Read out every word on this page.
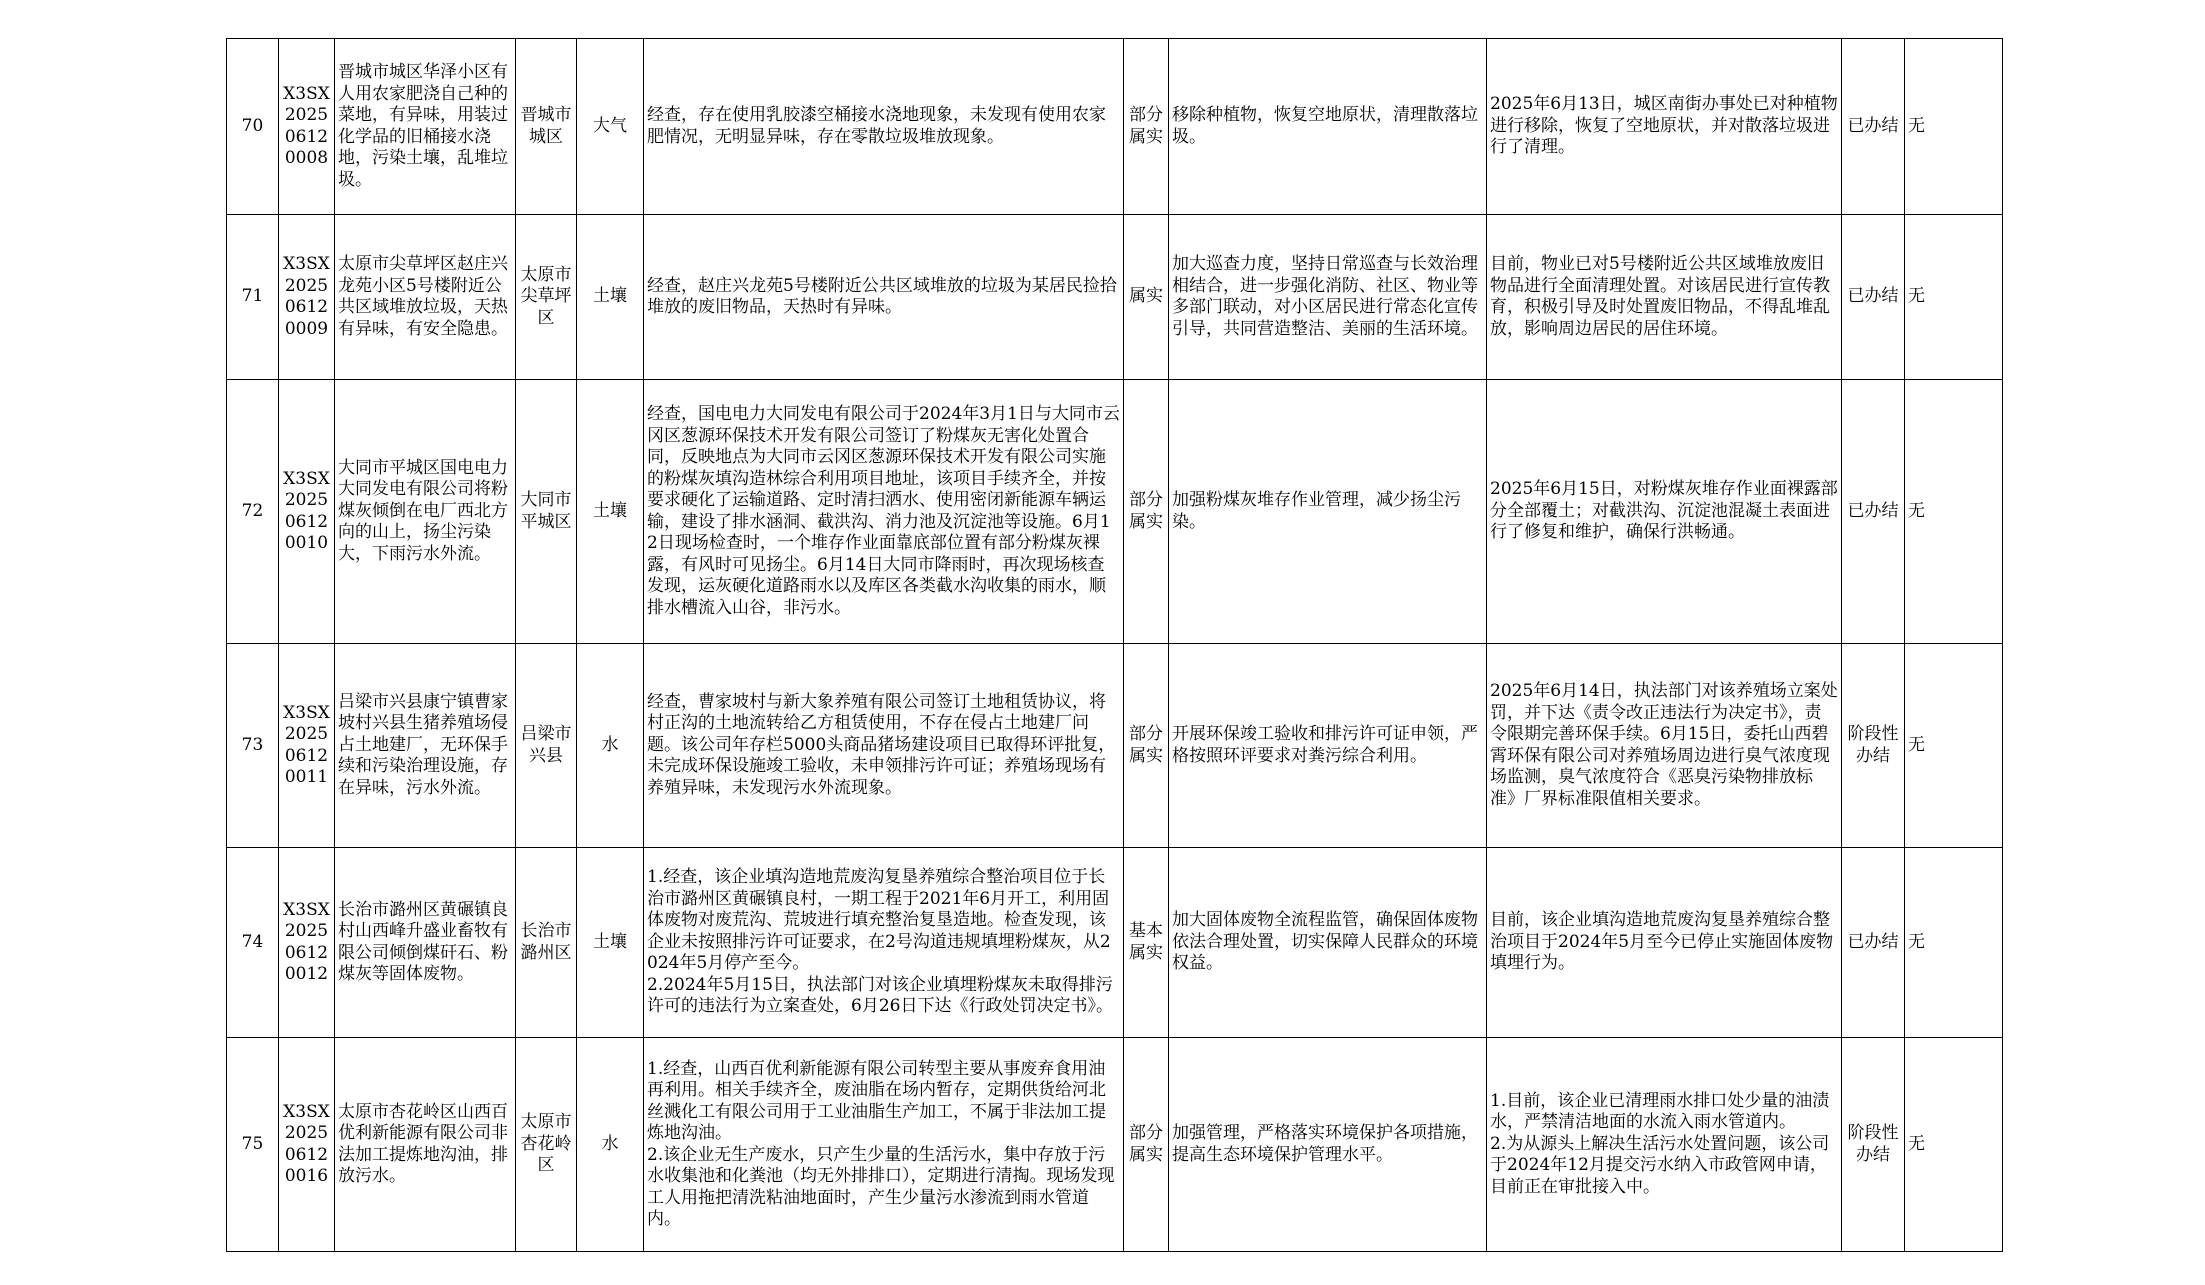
70	X3SX202506120008	晋城市城区华泽小区有人用农家肥浇自己种的菜地，有异味，用装过化学品的旧桶接水浇地，污染土壤，乱堆垃圾。	晋城市城区	大气	经查，存在使用乳胶漆空桶接水浇地现象，未发现有使用农家肥情况，无明显异味，存在零散垃圾堆放现象。	部分属实	移除种植物，恢复空地原状，清理散落垃圾。	2025年6月13日，城区南街办事处已对种植物进行移除，恢复了空地原状，并对散落垃圾进行了清理。	已办结	无
71	X3SX202506120009	太原市尖草坪区赵庄兴龙苑小区5号楼附近公共区域堆放垃圾，天热有异味，有安全隐患。	太原市尖草坪区	土壤	经查，赵庄兴龙苑5号楼附近公共区域堆放的垃圾为某居民捡拾堆放的废旧物品，天热时有异味。	属实	加大巡查力度，坚持日常巡查与长效治理相结合，进一步强化消防、社区、物业等多部门联动，对小区居民进行常态化宣传引导，共同营造整洁、美丽的生活环境。	目前，物业已对5号楼附近公共区域堆放废旧物品进行全面清理处置。对该居民进行宣传教育，积极引导及时处置废旧物品，不得乱堆乱放，影响周边居民的居住环境。	已办结	无
72	X3SX202506120010	大同市平城区国电电力大同发电有限公司将粉煤灰倾倒在电厂西北方向的山上，扬尘污染大，下雨污水外流。	大同市平城区	土壤	经查，国电电力大同发电有限公司于2024年3月1日与大同市云冈区葱源环保技术开发有限公司签订了粉煤灰无害化处置合同，反映地点为大同市云冈区葱源环保技术开发有限公司实施的粉煤灰填沟造林综合利用项目地址，该项目手续齐全，并按要求硬化了运输道路、定时清扫洒水、使用密闭新能源车辆运输，建设了排水涵洞、截洪沟、消力池及沉淀池等设施。6月12日现场检查时，一个堆存作业面靠底部位置有部分粉煤灰裸露，有风时可见扬尘。6月14日大同市降雨时，再次现场核查发现，运灰硬化道路雨水以及库区各类截水沟收集的雨水，顺排水槽流入山谷，非污水。	部分属实	加强粉煤灰堆存作业管理，减少扬尘污染。	2025年6月15日，对粉煤灰堆存作业面裸露部分全部覆土；对截洪沟、沉淀池混凝土表面进行了修复和维护，确保行洪畅通。	已办结	无
73	X3SX202506120011	吕梁市兴县康宁镇曹家坡村兴县生猪养殖场侵占土地建厂，无环保手续和污染治理设施，存在异味，污水外流。	吕梁市兴县	水	经查，曹家坡村与新大象养殖有限公司签订土地租赁协议，将村正沟的土地流转给乙方租赁使用，不存在侵占土地建厂问题。该公司年存栏5000头商品猪场建设项目已取得环评批复，未完成环保设施竣工验收，未申领排污许可证；养殖场现场有养殖异味，未发现污水外流现象。	部分属实	开展环保竣工验收和排污许可证申领，严格按照环评要求对粪污综合利用。	2025年6月14日，执法部门对该养殖场立案处罚，并下达《责令改正违法行为决定书》，责令限期完善环保手续。6月15日，委托山西碧霄环保有限公司对养殖场周边进行臭气浓度现场监测，臭气浓度符合《恶臭污染物排放标准》厂界标准限值相关要求。	阶段性办结	无
74	X3SX202506120012	长治市潞州区黄碾镇良村山西峰升盛业畜牧有限公司倾倒煤矸石、粉煤灰等固体废物。	长治市潞州区	土壤	1.经查，该企业填沟造地荒废沟复垦养殖综合整治项目位于长治市潞州区黄碾镇良村，一期工程于2021年6月开工，利用固体废物对废荒沟、荒坡进行填充整治复垦造地。检查发现，该企业未按照排污许可证要求，在2号沟道违规填埋粉煤灰，从2024年5月停产至今。
2.2024年5月15日，执法部门对该企业填埋粉煤灰未取得排污许可的违法行为立案查处，6月26日下达《行政处罚决定书》。	基本属实	加大固体废物全流程监管，确保固体废物依法合理处置，切实保障人民群众的环境权益。	目前，该企业填沟造地荒废沟复垦养殖综合整治项目于2024年5月至今已停止实施固体废物填埋行为。	已办结	无
75	X3SX202506120016	太原市杏花岭区山西百优利新能源有限公司非法加工提炼地沟油，排放污水。	太原市杏花岭区	水	1.经查，山西百优利新能源有限公司转型主要从事废弃食用油再利用。相关手续齐全，废油脂在场内暂存，定期供货给河北丝溅化工有限公司用于工业油脂生产加工，不属于非法加工提炼地沟油。
2.该企业无生产废水，只产生少量的生活污水，集中存放于污水收集池和化粪池（均无外排排口），定期进行清掏。现场发现工人用拖把清洗粘油地面时，产生少量污水渗流到雨水管道内。	部分属实	加强管理，严格落实环境保护各项措施，提高生态环境保护管理水平。	1.目前，该企业已清理雨水排口处少量的油渍水，严禁清洁地面的水流入雨水管道内。
2.为从源头上解决生活污水处置问题，该公司于2024年12月提交污水纳入市政管网申请，目前正在审批接入中。	阶段性办结	无
